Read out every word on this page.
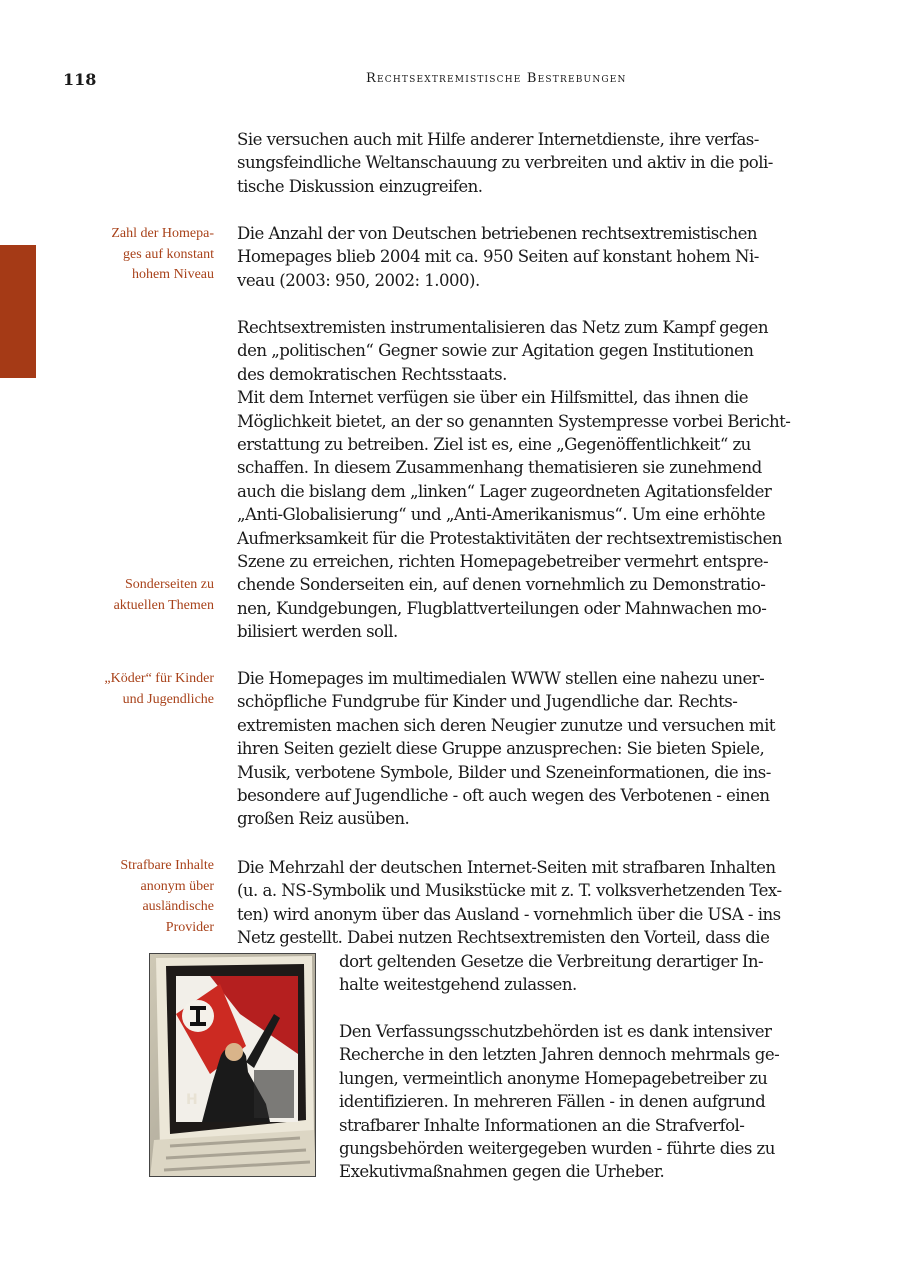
118	Rechtsextremistische Bestrebungen
Zahl der Homepa-
ges auf konstant
hohem Niveau
Sonderseiten zu
aktuellen Themen
„Köder“ für Kinder
und Jugendliche
Strafbare Inhalte
anonym über
ausländische
Provider
Sie versuchen auch mit Hilfe anderer Internetdienste, ihre verfas-
sungsfeindliche Weltanschauung zu verbreiten und aktiv in die poli-
tische Diskussion einzugreifen.
Die Anzahl der von Deutschen betriebenen rechtsextremistischen
Homepages blieb 2004 mit ca. 950 Seiten auf konstant hohem Ni-
veau (2003: 950, 2002: 1.000).
Rechtsextremisten instrumentalisieren das Netz zum Kampf gegen
den „politischen“ Gegner sowie zur Agitation gegen Institutionen
des demokratischen Rechtsstaats.
Mit dem Internet verfügen sie über ein Hilfsmittel, das ihnen die
Möglichkeit bietet, an der so genannten Systempresse vorbei Bericht-
erstattung zu betreiben. Ziel ist es, eine „Gegenöffentlichkeit“ zu
schaffen. In diesem Zusammenhang thematisieren sie zunehmend
auch die bislang dem „linken“ Lager zugeordneten Agitationsfelder
„Anti-Globalisierung“ und „Anti-Amerikanismus“. Um eine erhöhte
Aufmerksamkeit für die Protestaktivitäten der rechtsextremistischen
Szene zu erreichen, richten Homepagebetreiber vermehrt entspre-
chende Sonderseiten ein, auf denen vornehmlich zu Demonstratio-
nen, Kundgebungen, Flugblattverteilungen oder Mahnwachen mo-
bilisiert werden soll.
Die Homepages im multimedialen WWW stellen eine nahezu uner-
schöpfliche Fundgrube für Kinder und Jugendliche dar. Rechts-
extremisten machen sich deren Neugier zunutze und versuchen mit
ihren Seiten gezielt diese Gruppe anzusprechen: Sie bieten Spiele,
Musik, verbotene Symbole, Bilder und Szeneinformationen, die ins-
besondere auf Jugendliche - oft auch wegen des Verbotenen - einen
großen Reiz ausüben.
Die Mehrzahl der deutschen Internet-Seiten mit strafbaren Inhalten
(u. a. NS-Symbolik und Musikstücke mit z. T. volksverhetzenden Tex-
ten) wird anonym über das Ausland - vornehmlich über die USA - ins
Netz gestellt. Dabei nutzen Rechtsextremisten den Vorteil, dass die
dort geltenden Gesetze die Verbreitung derartiger In-
halte weitestgehend zulassen.
Den Verfassungsschutzbehörden ist es dank intensiver
Recherche in den letzten Jahren dennoch mehrmals ge-
lungen, vermeintlich anonyme Homepagebetreiber zu
identifizieren. In mehreren Fällen - in denen aufgrund
strafbarer Inhalte Informationen an die Strafverfol-
gungsbehörden weitergegeben wurden - führte dies zu
Exekutivmaßnahmen gegen die Urheber.
H
